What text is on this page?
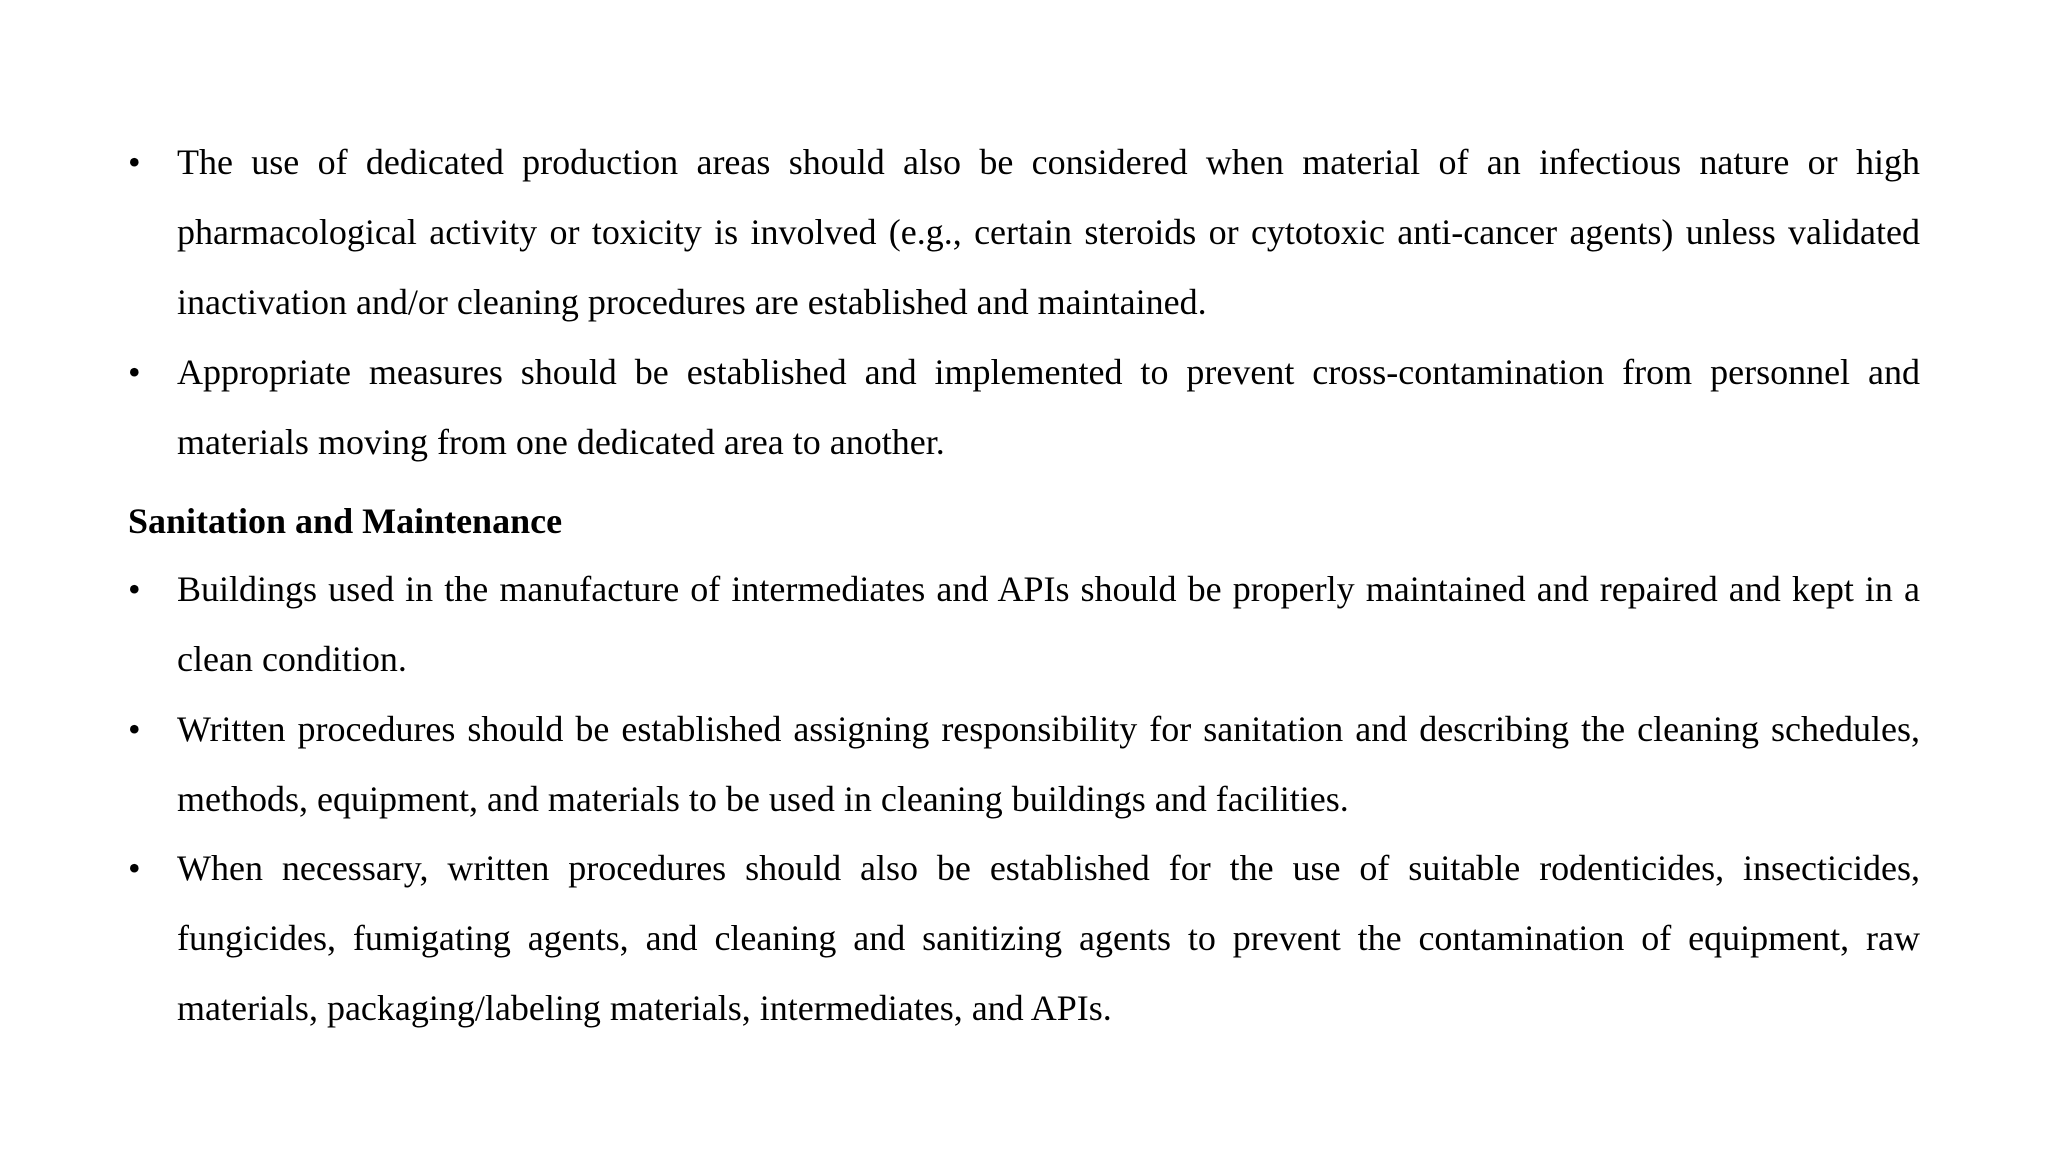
•	The use of dedicated production areas should also be considered when material of an infectious nature or high pharmacological activity or toxicity is involved (e.g., certain steroids or cytotoxic anti-cancer agents) unless validated inactivation and/or cleaning procedures are established and maintained.
•	Appropriate measures should be established and implemented to prevent cross-contamination from personnel and materials moving from one dedicated area to another.
Sanitation and Maintenance
•	Buildings used in the manufacture of intermediates and APIs should be properly maintained and repaired and kept in a clean condition.
•	Written procedures should be established assigning responsibility for sanitation and describing the cleaning schedules, methods, equipment, and materials to be used in cleaning buildings and facilities.
•	When necessary, written procedures should also be established for the use of suitable rodenticides, insecticides, fungicides, fumigating agents, and cleaning and sanitizing agents to prevent the contamination of equipment, raw materials, packaging/labeling materials, intermediates, and APIs.
